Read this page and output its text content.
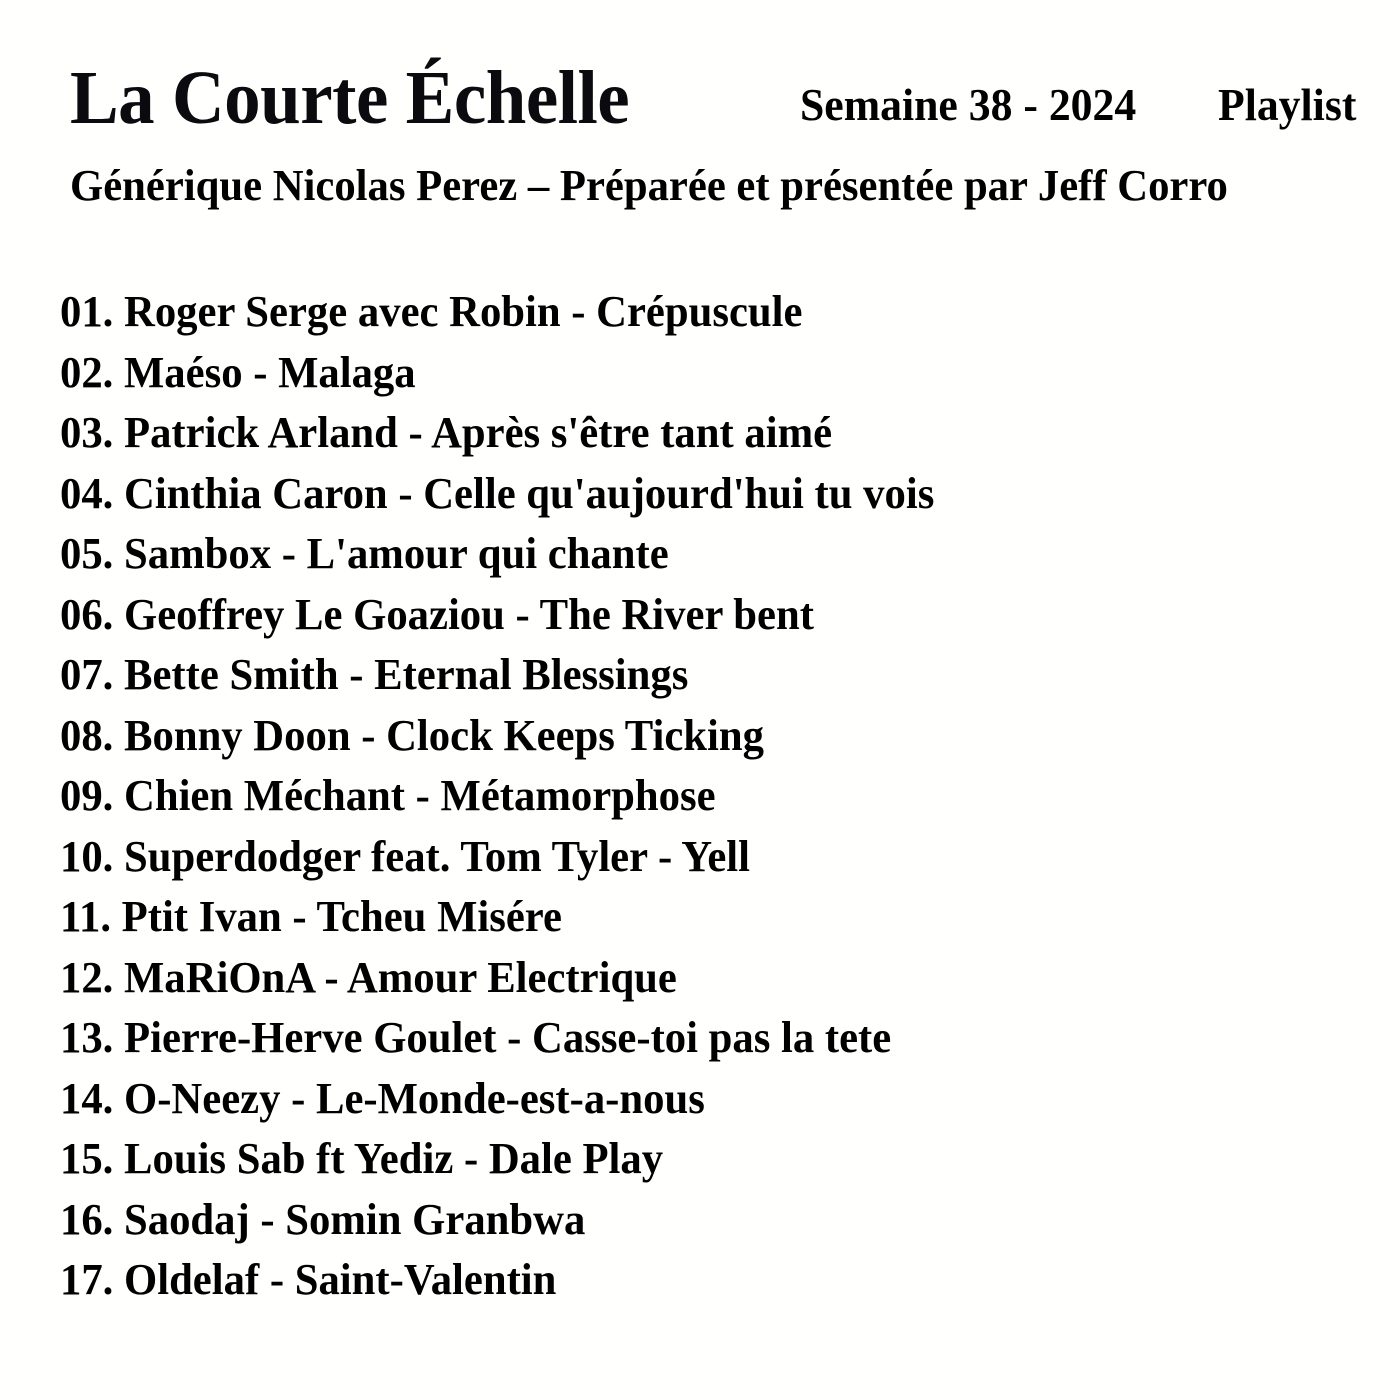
La Courte Échelle	Semaine 38 - 2024 Playlist
Générique Nicolas Perez – Préparée et présentée par Jeff Corro
01. Roger Serge avec Robin - Crépuscule
02. Maéso - Malaga
03. Patrick Arland - Après s'être tant aimé
04. Cinthia Caron - Celle qu'aujourd'hui tu vois
05. Sambox - L'amour qui chante
06. Geoffrey Le Goaziou - The River bent
07. Bette Smith - Eternal Blessings
08. Bonny Doon - Clock Keeps Ticking
09. Chien Méchant - Métamorphose
10. Superdodger feat. Tom Tyler - Yell
11. Ptit Ivan - Tcheu Misére
12. MaRiOnA - Amour Electrique
13. Pierre-Herve Goulet - Casse-toi pas la tete
14. O-Neezy - Le-Monde-est-a-nous
15. Louis Sab ft Yediz - Dale Play
16. Saodaj - Somin Granbwa
17. Oldelaf - Saint-Valentin
